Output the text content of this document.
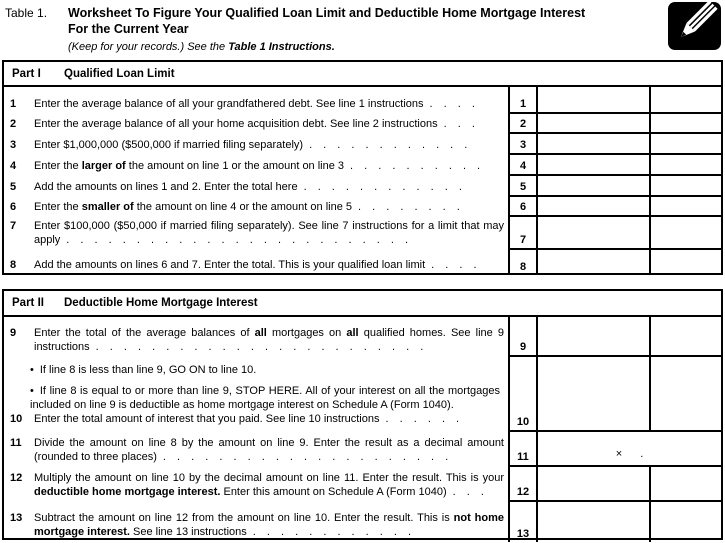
Table 1. Worksheet To Figure Your Qualified Loan Limit and Deductible Home Mortgage Interest For the Current Year
(Keep for your records.) See the Table 1 Instructions.
Part I	Qualified Loan Limit
1	Enter the average balance of all your grandfathered debt. See line 1 instructions . . . .	1
2	Enter the average balance of all your home acquisition debt. See line 2 instructions . . .	2
3	Enter $1,000,000 ($500,000 if married filing separately) . . . . . . . . . . . .	3
4	Enter the larger of the amount on line 1 or the amount on line 3 . . . . . . . . . .	4
5	Add the amounts on lines 1 and 2. Enter the total here . . . . . . . . . . . .	5
6	Enter the smaller of the amount on line 4 or the amount on line 5 . . . . . . . .	6
7	Enter $100,000 ($50,000 if married filing separately). See line 7 instructions for a limit that may apply . . . . . . . . . . . . . . . . . . . . . . . . .	7
8	Add the amounts on lines 6 and 7. Enter the total. This is your qualified loan limit . . . .	8
Part II	Deductible Home Mortgage Interest
9	Enter the total of the average balances of all mortgages on all qualified homes. See line 9 instructions . . . . . . . . . . . . . . . . . . . . . . . .	9
• If line 8 is less than line 9, GO ON to line 10.
• If line 8 is equal to or more than line 9, STOP HERE. All of your interest on all the mortgages included on line 9 is deductible as home mortgage interest on Schedule A (Form 1040).
10	Enter the total amount of interest that you paid. See line 10 instructions . . . . . .	10
11	Divide the amount on line 8 by the amount on line 9. Enter the result as a decimal amount (rounded to three places) . . . . . . . . . . . . . . . . . . . . .	11	× .
12	Multiply the amount on line 10 by the decimal amount on line 11. Enter the result. This is your deductible home mortgage interest. Enter this amount on Schedule A (Form 1040) . . .	12
13	Subtract the amount on line 12 from the amount on line 10. Enter the result. This is not home mortgage interest. See line 13 instructions . . . . . . . . . . . .	13
